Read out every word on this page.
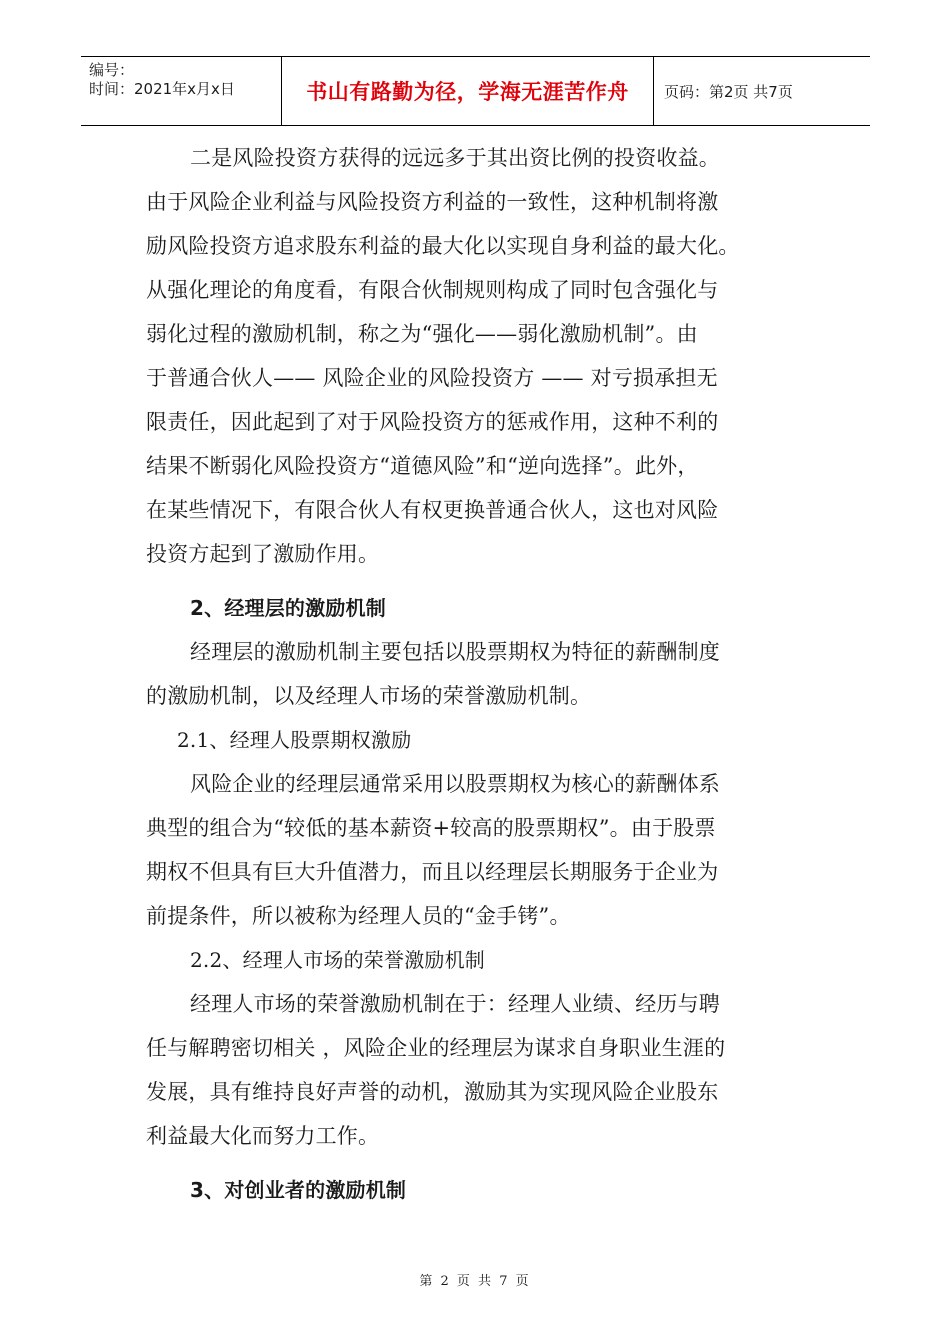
编号：
时间：2021年x月x日	书山有路勤为径，学海无涯苦作舟 页码：第2页 共7页
二是风险投资方获得的远远多于其出资比例的投资收益。
由于风险企业利益与风险投资方利益的一致性，这种机制将激
励风险投资方追求股东利益的最大化以实现自身利益的最大化。
从强化理论的角度看，有限合伙制规则构成了同时包含强化与
弱化过程的激励机制，称之为“强化——弱化激励机制”。由
于普通合伙人—— 风险企业的风险投资方 —— 对亏损承担无
限责任，因此起到了对于风险投资方的惩戒作用，这种不利的
结果不断弱化风险投资方“道德风险”和“逆向选择”。此外，
在某些情况下，有限合伙人有权更换普通合伙人，这也对风险
投资方起到了激励作用。
2、经理层的激励机制
经理层的激励机制主要包括以股票期权为特征的薪酬制度
的激励机制，以及经理人市场的荣誉激励机制。
2.1、经理人股票期权激励
风险企业的经理层通常采用以股票期权为核心的薪酬体系
典型的组合为“较低的基本薪资+较高的股票期权”。由于股票
期权不但具有巨大升值潜力，而且以经理层长期服务于企业为
前提条件，所以被称为经理人员的“金手铐”。
2.2、经理人市场的荣誉激励机制
经理人市场的荣誉激励机制在于：经理人业绩、经历与聘
任与解聘密切相关 ，风险企业的经理层为谋求自身职业生涯的
发展，具有维持良好声誉的动机，激励其为实现风险企业股东
利益最大化而努力工作。
3、对创业者的激励机制
第 2 页 共 7 页
